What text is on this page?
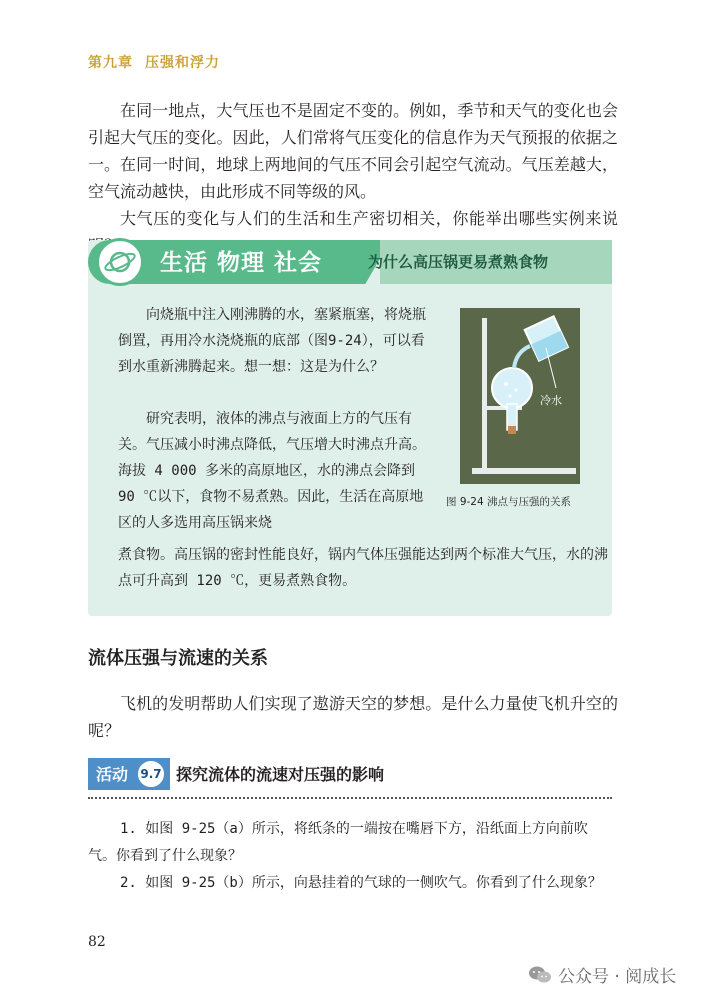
第九章 压强和浮力

在同一地点，大气压也不是固定不变的。例如，季节和天气的变化也会引起大气压的变化。因此，人们常将气压变化的信息作为天气预报的依据之一。 在同一时间，地球上两地间的气压不同会引起空气流动。气压差越大，空气流动越快，由此形成不同等级的风。

大气压的变化与人们的生活和生产密切相关，你能举出哪些实例来说

生活 物理 社会	为什么高压锅更易煮熟食物

　　向烧瓶中注入刚沸腾的水，塞紧瓶塞，将烧瓶倒置，再用冷水浇烧瓶的底部（图9-24），可以看到水重新沸腾起来。想一想：这是为什么？

　　研究表明，液体的沸点与液面上方的气压有关。气压减小时沸点降低，气压增大时沸点升高。海拔 4 000 多米的高原地区，水的沸点会降到 90 ℃以下，食物不易煮熟。因此，生活在高原地区的人多选用高压锅来烧

煮食物。高压锅的密封性能良好，锅内气体压强能达到两个标准大气压，水的沸点可升高到 120 ℃，更易煮熟食物。

冷水
图 9-24 沸点与压强的关系
流体压强与流速的关系

飞机的发明帮助人们实现了遨游天空的梦想。是什么力量使飞机升空的呢？

活动	9.7 探究流体的流速对压强的影响

1. 如图 9-25（a）所示，将纸条的一端按在嘴唇下方，沿纸面上方向前吹气。你看到了什么现象？

2. 如图 9-25（b）所示，向悬挂着的气球的一侧吹气。你看到了什么现象？

82
公众号 · 阅成长
